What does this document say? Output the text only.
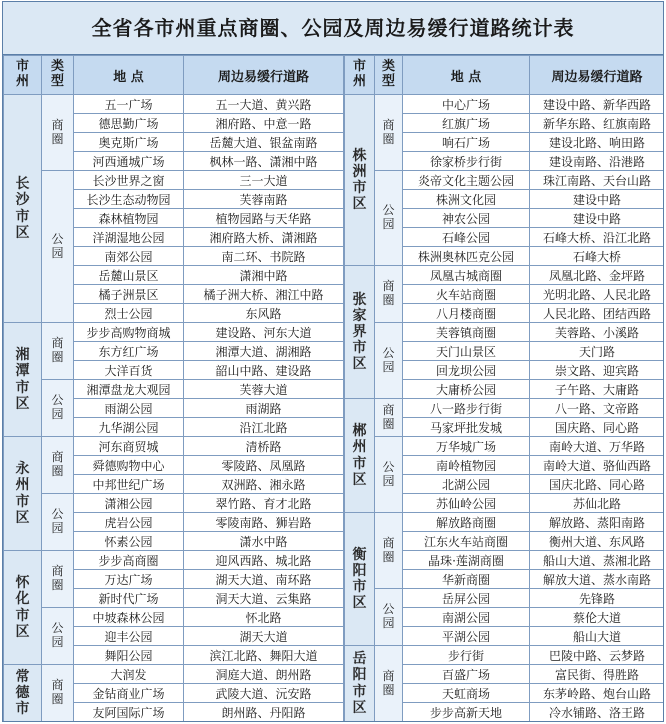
全省各市州重点商圈、公园及周边易缓行道路统计表
市州	类型	地 点	周边易缓行道路
长沙市区	商圈	五一广场	五一大道、黄兴路
		德思勤广场	湘府路、中意一路
		奥克斯广场	岳麓大道、银盆南路
		河西通城广场	枫林一路、潇湘中路
	公园	长沙世界之窗	三一大道
		长沙生态动物园	芙蓉南路
		森林植物园	植物园路与天华路
		洋湖湿地公园	湘府路大桥、潇湘路
		南郊公园	南二环、书院路
		岳麓山景区	潇湘中路
		橘子洲景区	橘子洲大桥、湘江中路
		烈士公园	东风路
湘潭市区	商圈	步步高购物商城	建设路、河东大道
		东方红广场	湘潭大道、湖湘路
		大洋百货	韶山中路、建设路
	公园	湘潭盘龙大观园	芙蓉大道
		雨湖公园	雨湖路
		九华湖公园	沿江北路
永州市区	商圈	河东商贸城	清桥路
		舜德购物中心	零陵路、凤凰路
		中邦世纪广场	双洲路、湘永路
	公园	潇湘公园	翠竹路、育才北路
		虎岩公园	零陵南路、狮岩路
		怀素公园	潇水中路
怀化市区	商圈	步步高商圈	迎风西路、城北路
		万达广场	湖天大道、南环路
		新时代广场	洞天大道、云集路
	公园	中坡森林公园	怀北路
		迎丰公园	湖天大道
		舞阳公园	滨江北路、舞阳大道
常德市	商圈	大润发	洞庭大道、朗州路
		金钻商业广场	武陵大道、沅安路
		友阿国际广场	朗州路、丹阳路
市州	类型	地 点	周边易缓行道路
株洲市区	商圈	中心广场	建设中路、新华西路
		红旗广场	新华东路、红旗南路
		响石广场	建设北路、响田路
		徐家桥步行街	建设南路、沿港路
	公园	炎帝文化主题公园	珠江南路、天台山路
		株洲文化园	建设中路
		神农公园	建设中路
		石峰公园	石峰大桥、沿江北路
		株洲奥林匹克公园	石峰大桥
张家界市区	商圈	凤凰古城商圈	凤凰北路、金坪路
		火车站商圈	光明北路、人民北路
		八月楼商圈	人民北路、团结西路
	公园	芙蓉镇商圈	芙蓉路、小溪路
		天门山景区	天门路
		回龙坝公园	崇文路、迎宾路
		大庸桥公园	子午路、大庸路
郴州市区	商圈	八一路步行街	八一路、文帝路
		马家坪批发城	国庆路、同心路
	公园	万华城广场	南岭大道、万华路
		南岭植物园	南岭大道、骆仙西路
		北湖公园	国庆北路、同心路
		苏仙岭公园	苏仙北路
衡阳市区	商圈	解放路商圈	解放路、蒸阳南路
		江东火车站商圈	衡州大道、东风路
		晶珠·莲湖商圈	船山大道、蒸湘北路
		华新商圈	解放大道、蒸水南路
	公园	岳屏公园	先锋路
		南湖公园	蔡伦大道
		平湖公园	船山大道
岳阳市区	商圈	步行街	巴陵中路、云梦路
		百盛广场	富民街、得胜路
		天虹商场	东茅岭路、炮台山路
		步步高新天地	冷水铺路、洛王路
